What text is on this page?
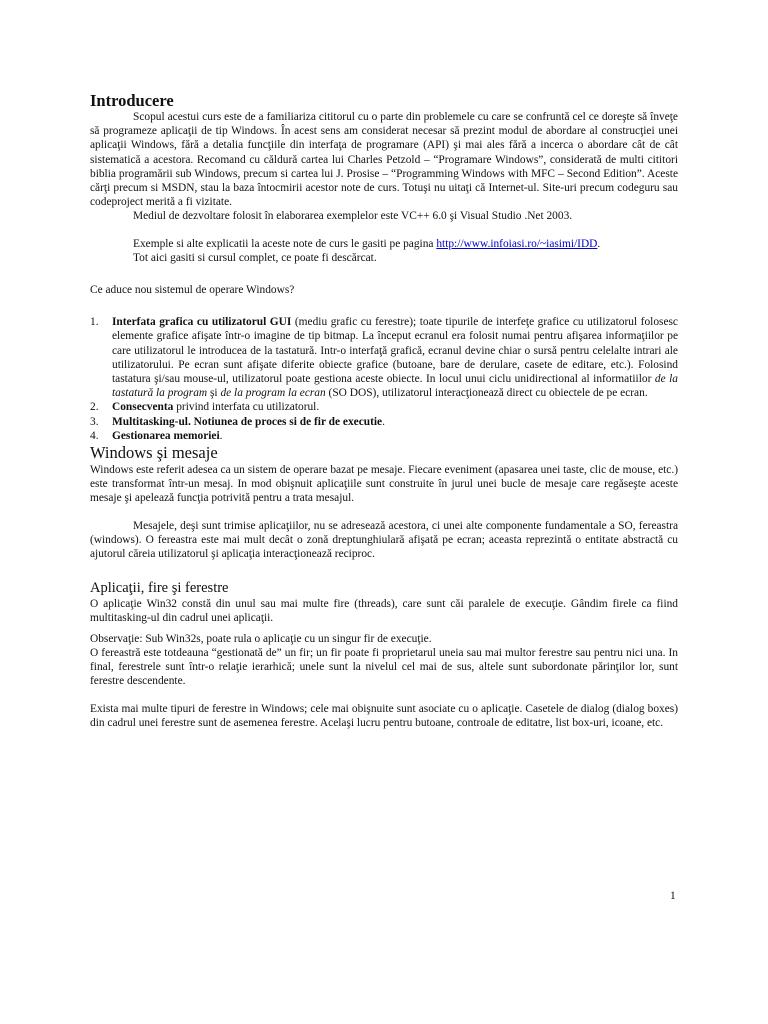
Introducere

Scopul acestui curs este de a familiariza cititorul cu o parte din problemele cu care se confruntă cel ce doreşte să înveţe să programeze aplicaţii de tip Windows. În acest sens am considerat necesar să prezint modul de abordare al construcţiei unei aplicaţii Windows, fără a detalia funcţiile din interfaţa de programare (API) şi mai ales fără a incerca o abordare cât de cât sistematică a acestora. Recomand cu căldură cartea lui Charles Petzold – “Programare Windows”, considerată de multi cititori biblia programării sub Windows, precum si cartea lui J. Prosise – “Programming Windows with MFC – Second Edition”. Aceste cărţi precum si MSDN, stau la baza întocmirii acestor note de curs. Totuşi nu uitaţi că Internet-ul. Site-uri precum codeguru sau codeproject merită a fi vizitate.

Mediul de dezvoltare folosit în elaborarea exemplelor este VC++ 6.0 şi Visual Studio .Net 2003.

Exemple si alte explicatii la aceste note de curs le gasiti pe pagina http://www.infoiasi.ro/~iasimi/IDD.

Tot aici gasiti si cursul complet, ce poate fi descărcat.

Ce aduce nou sistemul de operare Windows?

1. Interfata grafica cu utilizatorul GUI (mediu grafic cu ferestre); toate tipurile de interfeţe grafice cu utilizatorul folosesc elemente grafice afişate într-o imagine de tip bitmap. La început ecranul era folosit numai pentru afişarea informaţiilor pe care utilizatorul le introducea de la tastatură. Intr-o interfaţă grafică, ecranul devine chiar o sursă pentru celelalte intrari ale utilizatorului. Pe ecran sunt afişate diferite obiecte grafice (butoane, bare de derulare, casete de editare, etc.). Folosind tastatura şi/sau mouse-ul, utilizatorul poate gestiona aceste obiecte. In locul unui ciclu unidirectional al informatiilor de la tastatură la program şi de la program la ecran (SO DOS), utilizatorul interacţionează direct cu obiectele de pe ecran.
2. Consecventa privind interfata cu utilizatorul.
3. Multitasking-ul. Notiunea de proces si de fir de executie.
4. Gestionarea memoriei.
Windows şi mesaje

Windows este referit adesea ca un sistem de operare bazat pe mesaje. Fiecare eveniment (apasarea unei taste, clic de mouse, etc.) este transformat într-un mesaj. In mod obişnuit aplicaţiile sunt construite în jurul unei bucle de mesaje care regăseşte aceste mesaje şi apelează funcţia potrivită pentru a trata mesajul.

Mesajele, deşi sunt trimise aplicaţiilor, nu se adresează acestora, ci unei alte componente fundamentale a SO, fereastra (windows). O fereastra este mai mult decât o zonă dreptunghiulară afişată pe ecran; aceasta reprezintă o entitate abstractă cu ajutorul căreia utilizatorul şi aplicaţia interacţionează reciproc.

Aplicaţii, fire şi ferestre

O aplicaţie Win32 constă din unul sau mai multe fire (threads), care sunt căi paralele de execuţie. Gândim firele ca fiind multitasking-ul din cadrul unei aplicaţii.

Observaţie: Sub Win32s, poate rula o aplicaţie cu un singur fir de execuţie.

O fereastră este totdeauna “gestionată de” un fir; un fir poate fi proprietarul uneia sau mai multor ferestre sau pentru nici una. In final, ferestrele sunt într-o relaţie ierarhică; unele sunt la nivelul cel mai de sus, altele sunt subordonate părinţilor lor, sunt ferestre descendente.

Exista mai multe tipuri de ferestre in Windows; cele mai obişnuite sunt asociate cu o aplicaţie. Casetele de dialog (dialog boxes) din cadrul unei ferestre sunt de asemenea ferestre. Acelaşi lucru pentru butoane, controale de editatre, list box-uri, icoane, etc.

1
